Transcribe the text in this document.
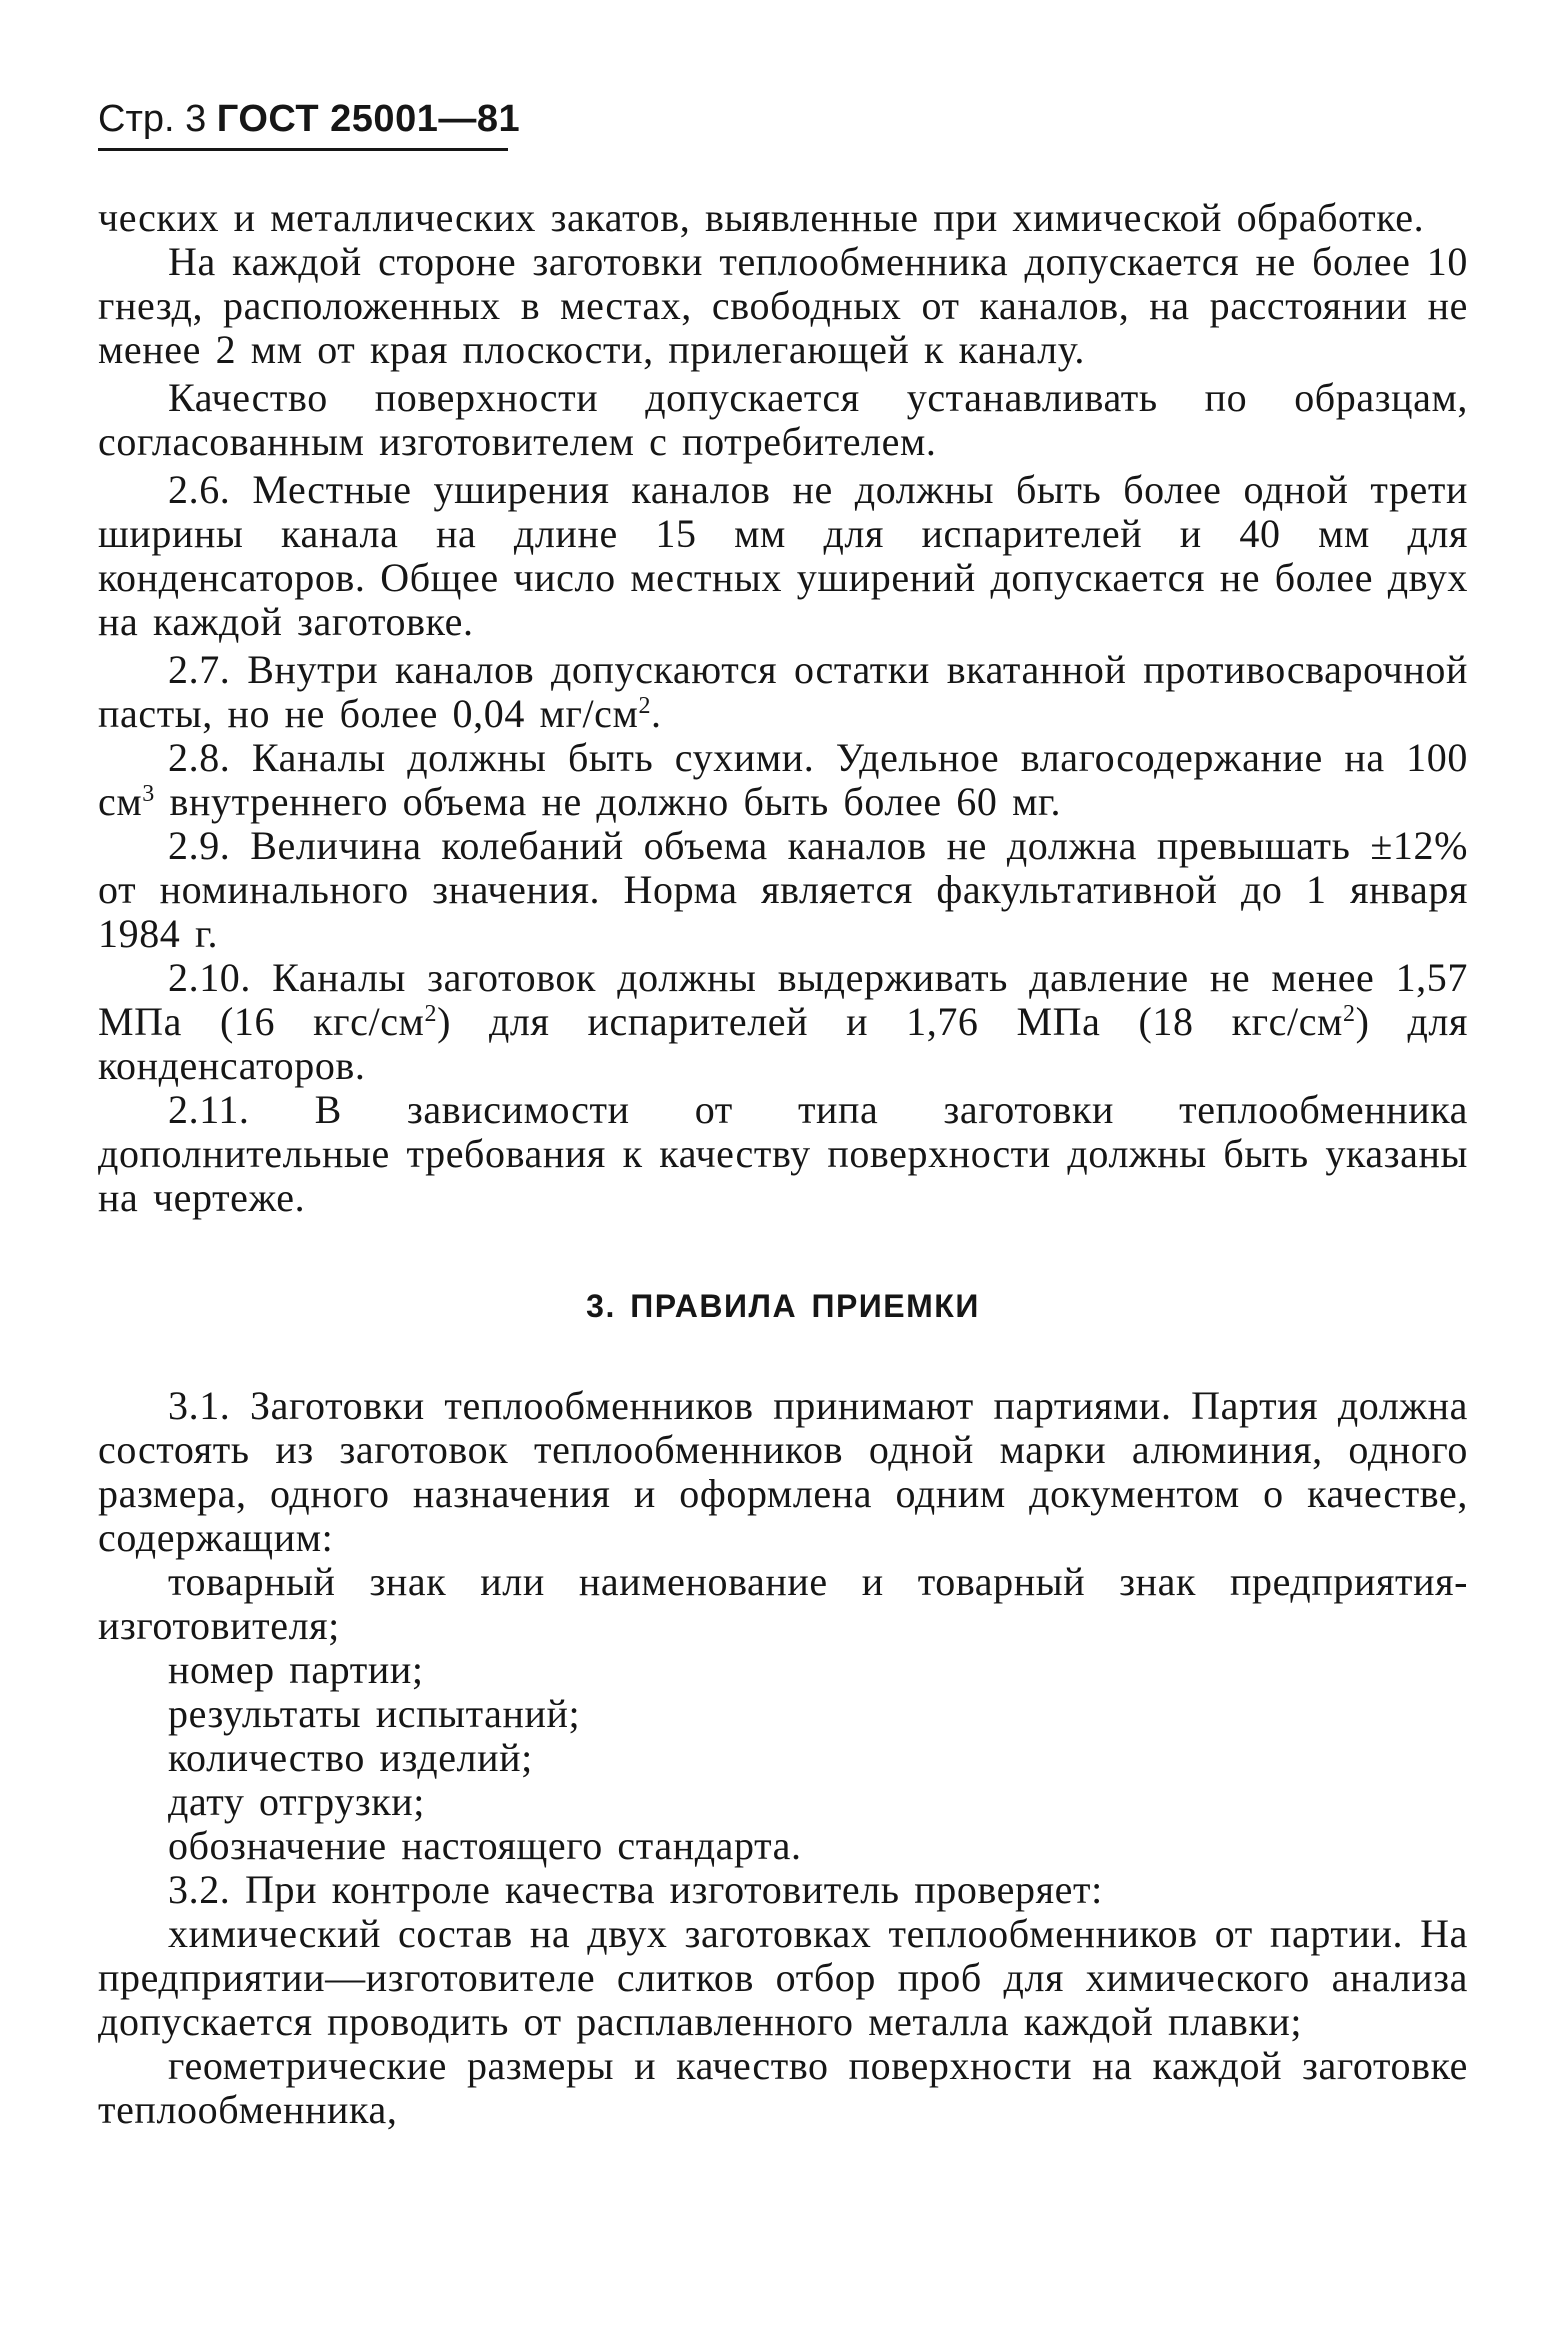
Стр. 3 ГОСТ 25001—81

ческих и металлических закатов, выявленные при химической обработке.

На каждой стороне заготовки теплообменника допускается не более 10 гнезд, расположенных в местах, свободных от каналов, на расстоянии не менее 2 мм от края плоскости, прилегающей к каналу.

Качество поверхности допускается устанавливать по образцам, согласованным изготовителем с потребителем.

2.6. Местные уширения каналов не должны быть более одной трети ширины канала на длине 15 мм для испарителей и 40 мм для конденсаторов. Общее число местных уширений допускается не более двух на каждой заготовке.

2.7. Внутри каналов допускаются остатки вкатанной противосварочной пасты, но не более 0,04 $мг/см^2$.

2.8. Каналы должны быть сухими. Удельное влагосодержание на 100 $см^3$ внутреннего объема не должно быть более 60 мг.

2.9. Величина колебаний объема каналов не должна превышать ±12% от номинального значения. Норма является факультативной до 1 января 1984 г.

2.10. Каналы заготовок должны выдерживать давление не менее 1,57 МПа (16 кгс/$см^2$) для испарителей и 1,76 МПа (18 кгс/$см^2$) для конденсаторов.

2.11. В зависимости от типа заготовки теплообменника дополнительные требования к качеству поверхности должны быть указаны на чертеже.

3. ПРАВИЛА ПРИЕМКИ

3.1. Заготовки теплообменников принимают партиями. Партия должна состоять из заготовок теплообменников одной марки алюминия, одного размера, одного назначения и оформлена одним документом о качестве, содержащим:

товарный знак или наименование и товарный знак предприятия-изготовителя;

номер партии;

результаты испытаний;

количество изделий;

дату отгрузки;

обозначение настоящего стандарта.

3.2. При контроле качества изготовитель проверяет:

химический состав на двух заготовках теплообменников от партии. На предприятии—изготовителе слитков отбор проб для химического анализа допускается проводить от расплавленного металла каждой плавки;

геометрические размеры и качество поверхности на каждой заготовке теплообменника,
